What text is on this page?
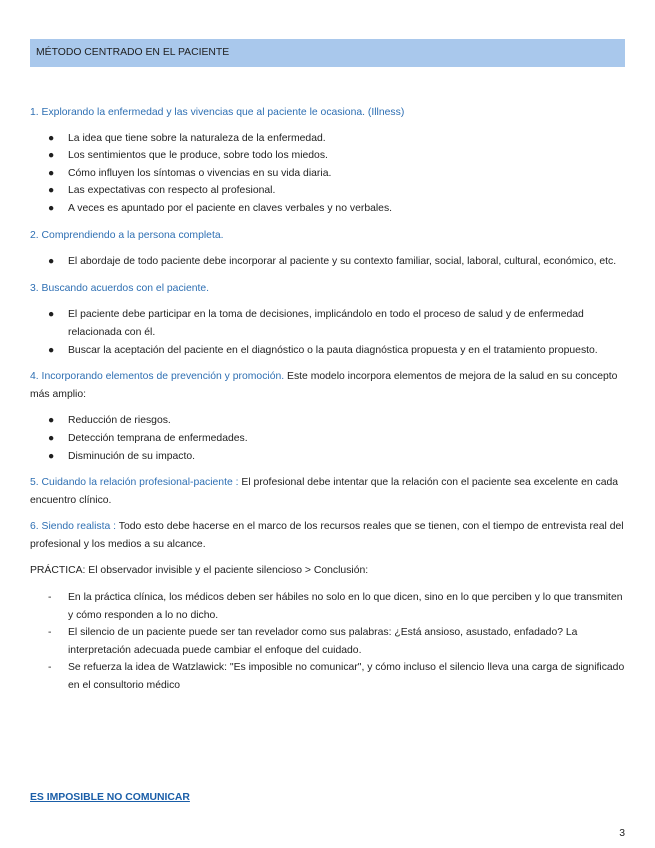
MÉTODO CENTRADO EN EL PACIENTE

1. Explorando la enfermedad y las vivencias que al paciente le ocasiona. (Illness)

● La idea que tiene sobre la naturaleza de la enfermedad.
● Los sentimientos que le produce, sobre todo los miedos.
● Cómo influyen los síntomas o vivencias en su vida diaria.
● Las expectativas con respecto al profesional.
● A veces es apuntado por el paciente en claves verbales y no verbales.

2. Comprendiendo a la persona completa.

● El abordaje de todo paciente debe incorporar al paciente y su contexto familiar, social, laboral, cultural, económico, etc.

3. Buscando acuerdos con el paciente.

● El paciente debe participar en la toma de decisiones, implicándolo en todo el proceso de salud y de enfermedad relacionada con él.
● Buscar la aceptación del paciente en el diagnóstico o la pauta diagnóstica propuesta y en el tratamiento propuesto.

4. Incorporando elementos de prevención y promoción. Este modelo incorpora elementos de mejora de la salud en su concepto más amplio:

● Reducción de riesgos.
● Detección temprana de enfermedades.
● Disminución de su impacto.

5. Cuidando la relación profesional-paciente : El profesional debe intentar que la relación con el paciente sea excelente en cada encuentro clínico.

6. Siendo realista : Todo esto debe hacerse en el marco de los recursos reales que se tienen, con el tiempo de entrevista real del profesional y los medios a su alcance.

PRÁCTICA: El observador invisible y el paciente silencioso > Conclusión:

- En la práctica clínica, los médicos deben ser hábiles no solo en lo que dicen, sino en lo que perciben y lo que transmiten y cómo responden a lo no dicho.
- El silencio de un paciente puede ser tan revelador como sus palabras: ¿Está ansioso, asustado, enfadado? La interpretación adecuada puede cambiar el enfoque del cuidado.
- Se refuerza la idea de Watzlawick: "Es imposible no comunicar", y cómo incluso el silencio lleva una carga de significado en el consultorio médico
ES IMPOSIBLE NO COMUNICAR
3
